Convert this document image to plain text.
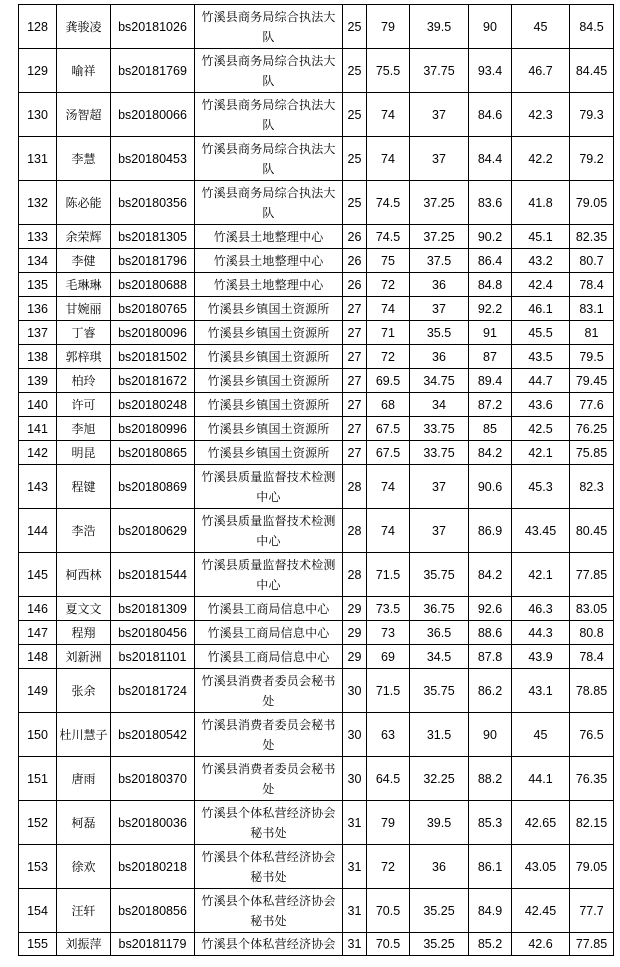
128	龚骏凌	bs20181026	竹溪县商务局综合执法大队	25	79	39.5	90	45	84.5
129	喻祥	bs20181769	竹溪县商务局综合执法大队	25	75.5	37.75	93.4	46.7	84.45
130	汤智超	bs20180066	竹溪县商务局综合执法大队	25	74	37	84.6	42.3	79.3
131	李慧	bs20180453	竹溪县商务局综合执法大队	25	74	37	84.4	42.2	79.2
132	陈必能	bs20180356	竹溪县商务局综合执法大队	25	74.5	37.25	83.6	41.8	79.05
133	余荣辉	bs20181305	竹溪县土地整理中心	26	74.5	37.25	90.2	45.1	82.35
134	李健	bs20181796	竹溪县土地整理中心	26	75	37.5	86.4	43.2	80.7
135	毛琳琳	bs20180688	竹溪县土地整理中心	26	72	36	84.8	42.4	78.4
136	甘婉丽	bs20180765	竹溪县乡镇国土资源所	27	74	37	92.2	46.1	83.1
137	丁睿	bs20180096	竹溪县乡镇国土资源所	27	71	35.5	91	45.5	81
138	郭梓琪	bs20181502	竹溪县乡镇国土资源所	27	72	36	87	43.5	79.5
139	柏玲	bs20181672	竹溪县乡镇国土资源所	27	69.5	34.75	89.4	44.7	79.45
140	许可	bs20180248	竹溪县乡镇国土资源所	27	68	34	87.2	43.6	77.6
141	李旭	bs20180996	竹溪县乡镇国土资源所	27	67.5	33.75	85	42.5	76.25
142	明昆	bs20180865	竹溪县乡镇国土资源所	27	67.5	33.75	84.2	42.1	75.85
143	程键	bs20180869	竹溪县质量监督技术检测中心	28	74	37	90.6	45.3	82.3
144	李浩	bs20180629	竹溪县质量监督技术检测中心	28	74	37	86.9	43.45	80.45
145	柯西林	bs20181544	竹溪县质量监督技术检测中心	28	71.5	35.75	84.2	42.1	77.85
146	夏文文	bs20181309	竹溪县工商局信息中心	29	73.5	36.75	92.6	46.3	83.05
147	程翔	bs20180456	竹溪县工商局信息中心	29	73	36.5	88.6	44.3	80.8
148	刘新洲	bs20181101	竹溪县工商局信息中心	29	69	34.5	87.8	43.9	78.4
149	张余	bs20181724	竹溪县消费者委员会秘书处	30	71.5	35.75	86.2	43.1	78.85
150	杜川慧子	bs20180542	竹溪县消费者委员会秘书处	30	63	31.5	90	45	76.5
151	唐雨	bs20180370	竹溪县消费者委员会秘书处	30	64.5	32.25	88.2	44.1	76.35
152	柯磊	bs20180036	竹溪县个体私营经济协会秘书处	31	79	39.5	85.3	42.65	82.15
153	徐欢	bs20180218	竹溪县个体私营经济协会秘书处	31	72	36	86.1	43.05	79.05
154	汪轩	bs20180856	竹溪县个体私营经济协会秘书处	31	70.5	35.25	84.9	42.45	77.7
155	刘振萍	bs20181179	竹溪县个体私营经济协会	31	70.5	35.25	85.2	42.6	77.85
